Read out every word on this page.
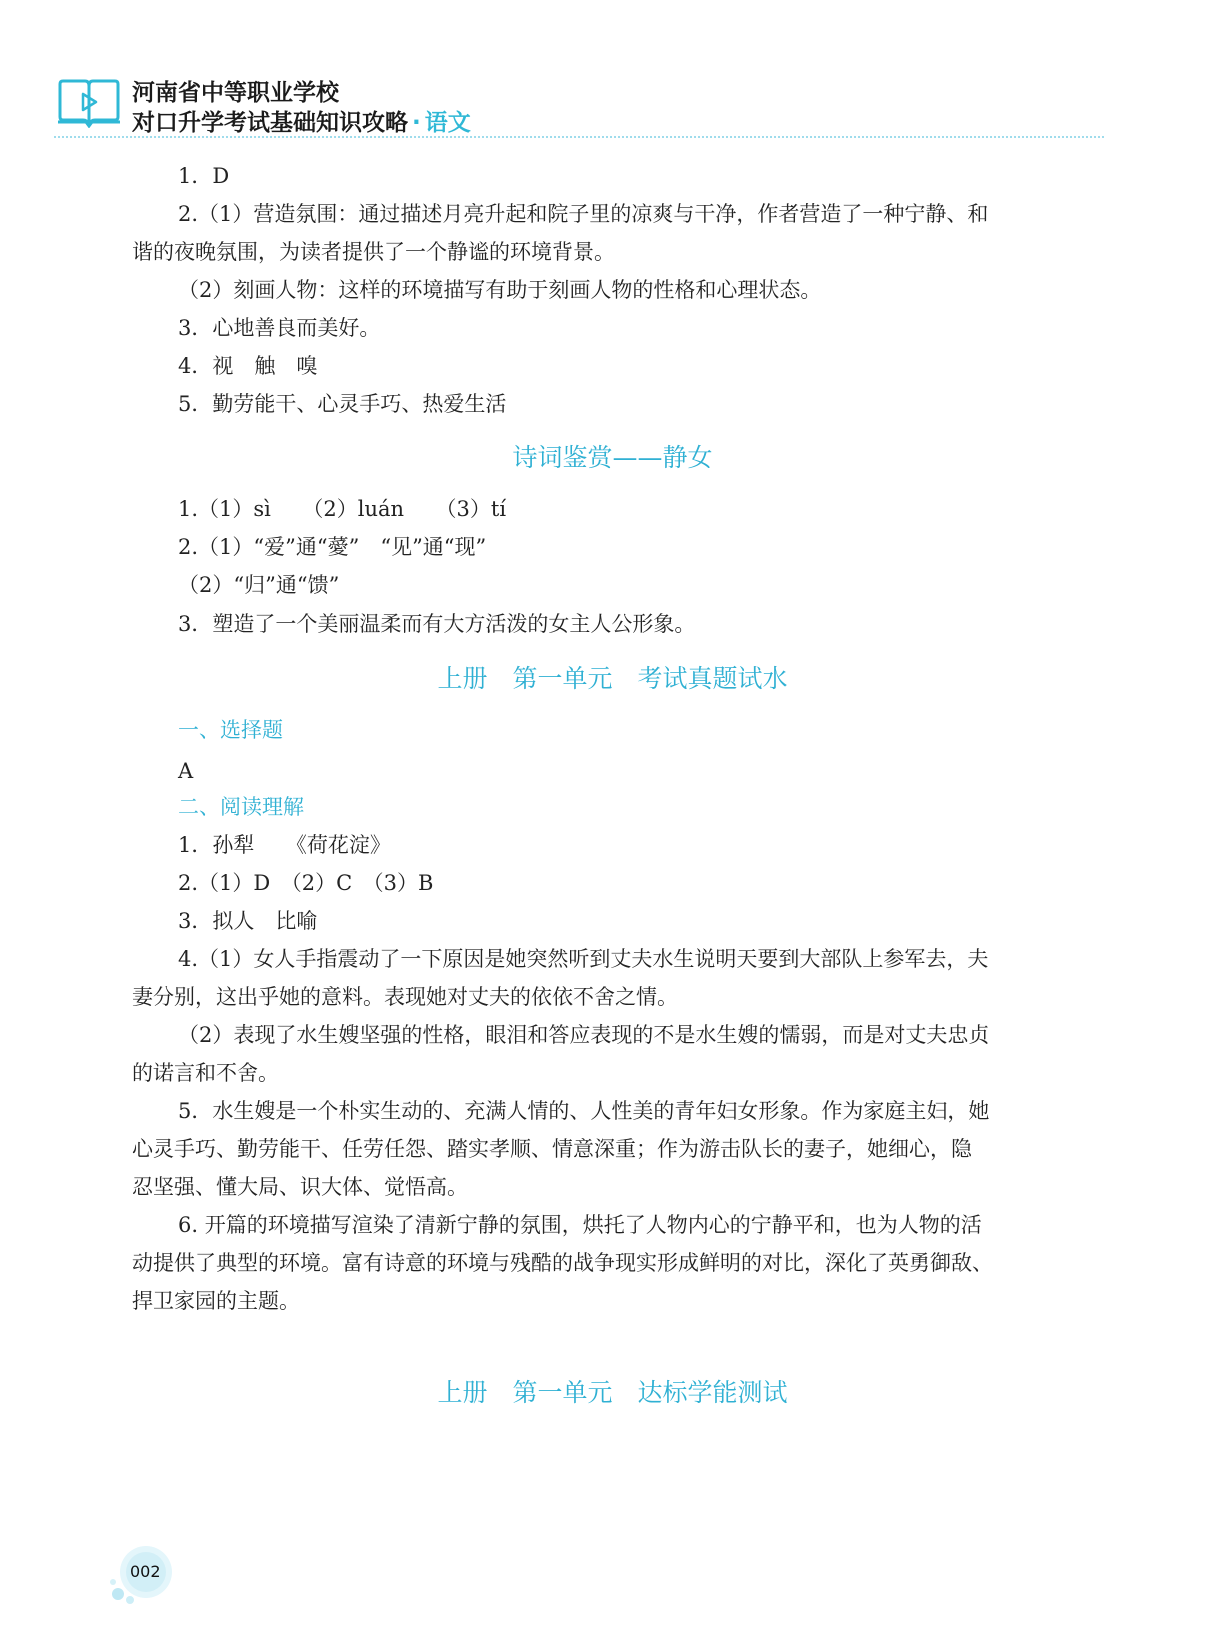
河南省中等职业学校
对口升学考试基础知识攻略 · 语文
1．D
2.（1）营造氛围：通过描述月亮升起和院子里的凉爽与干净，作者营造了一种宁静、和
谐的夜晚氛围，为读者提供了一个静谧的环境背景。
（2）刻画人物：这样的环境描写有助于刻画人物的性格和心理状态。
3．心地善良而美好。
4．视　触　嗅
5．勤劳能干、心灵手巧、热爱生活
诗词鉴赏——静女
1.（1）sì　　（2）luán　　（3）tí
2.（1）“爱”通“薆”　“见”通“现”
（2）“归”通“馈”
3．塑造了一个美丽温柔而有大方活泼的女主人公形象。
上册　第一单元　考试真题试水
一、选择题
A
二、阅读理解
1．孙犁　　《荷花淀》
2.（1）D　（2）C　（3）B
3．拟人　比喻
4.（1）女人手指震动了一下原因是她突然听到丈夫水生说明天要到大部队上参军去，夫
妻分别，这出乎她的意料。表现她对丈夫的依依不舍之情。
（2）表现了水生嫂坚强的性格，眼泪和答应表现的不是水生嫂的懦弱，而是对丈夫忠贞
的诺言和不舍。
5．水生嫂是一个朴实生动的、充满人情的、人性美的青年妇女形象。作为家庭主妇，她
心灵手巧、勤劳能干、任劳任怨、踏实孝顺、情意深重；作为游击队长的妻子，她细心，隐
忍坚强、懂大局、识大体、觉悟高。
6. 开篇的环境描写渲染了清新宁静的氛围，烘托了人物内心的宁静平和，也为人物的活
动提供了典型的环境。富有诗意的环境与残酷的战争现实形成鲜明的对比，深化了英勇御敌、
捍卫家园的主题。
上册　第一单元　达标学能测试
002
